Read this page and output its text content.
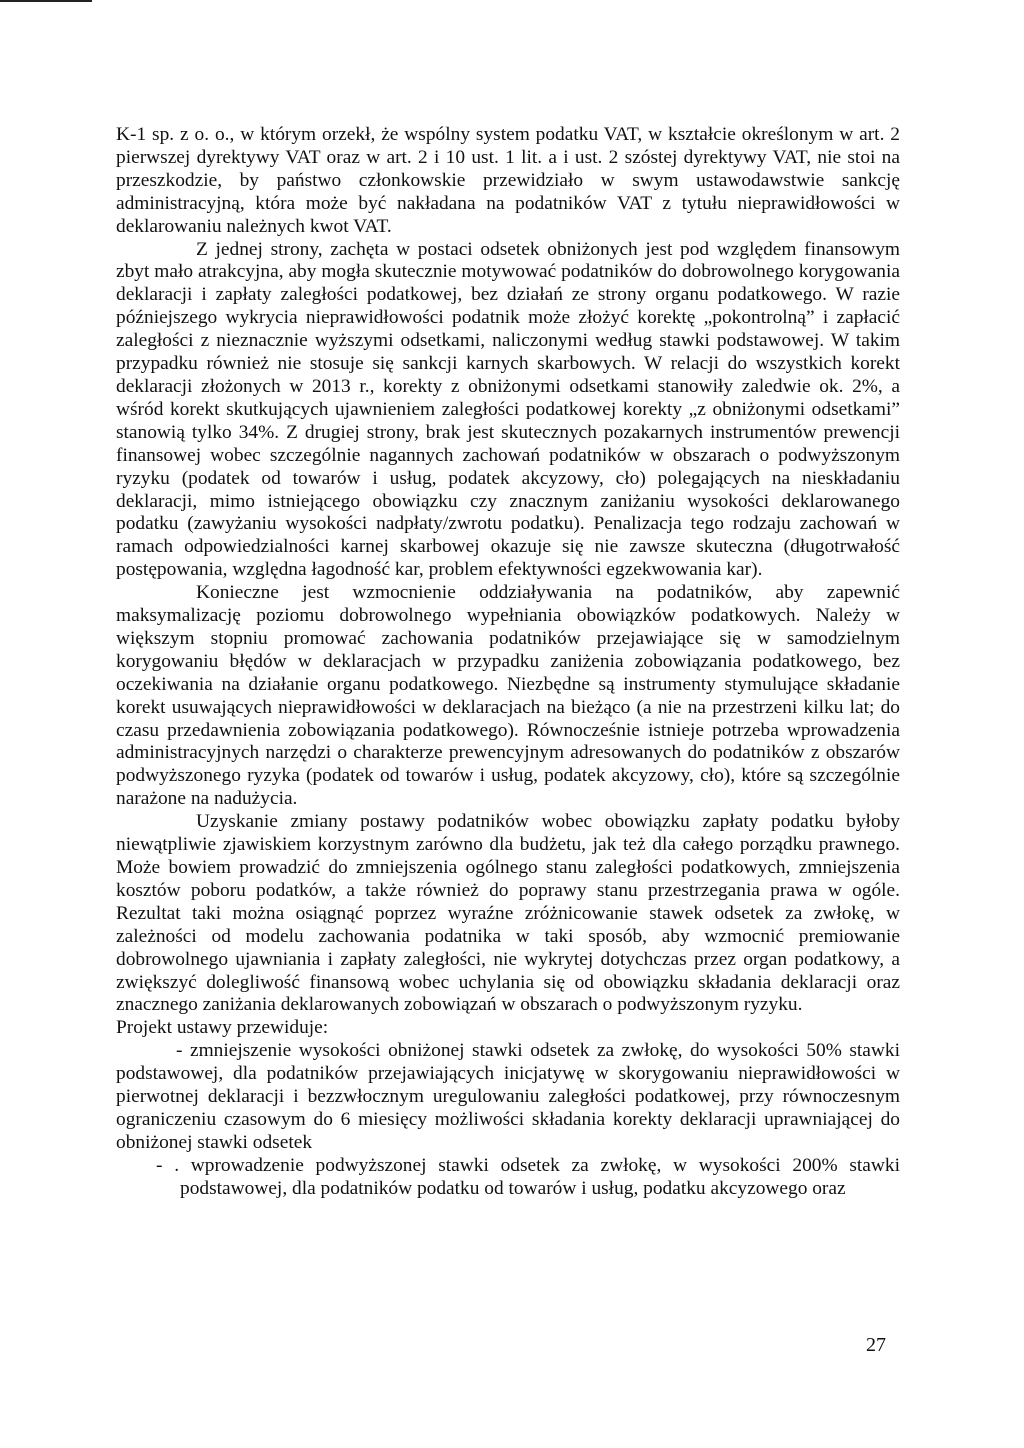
K-1 sp. z o. o., w którym orzekł, że wspólny system podatku VAT, w kształcie określonym w art. 2 pierwszej dyrektywy VAT oraz w art. 2 i 10 ust. 1 lit. a i ust. 2 szóstej dyrektywy VAT, nie stoi na przeszkodzie, by państwo członkowskie przewidziało w swym ustawodawstwie sankcję administracyjną, która może być nakładana na podatników VAT z tytułu nieprawidłowości w deklarowaniu należnych kwot VAT.

Z jednej strony, zachęta w postaci odsetek obniżonych jest pod względem finansowym zbyt mało atrakcyjna, aby mogła skutecznie motywować podatników do dobrowolnego korygowania deklaracji i zapłaty zaległości podatkowej, bez działań ze strony organu podatkowego. W razie późniejszego wykrycia nieprawidłowości podatnik może złożyć korektę „pokontrolną” i zapłacić zaległości z nieznacznie wyższymi odsetkami, naliczonymi według stawki podstawowej. W takim przypadku również nie stosuje się sankcji karnych skarbowych. W relacji do wszystkich korekt deklaracji złożonych w 2013 r., korekty z obniżonymi odsetkami stanowiły zaledwie ok. 2%, a wśród korekt skutkujących ujawnieniem zaległości podatkowej korekty „z obniżonymi odsetkami” stanowią tylko 34%. Z drugiej strony, brak jest skutecznych pozakarnych instrumentów prewencji finansowej wobec szczególnie nagannych zachowań podatników w obszarach o podwyższonym ryzyku (podatek od towarów i usług, podatek akcyzowy, cło) polegających na nieskładaniu deklaracji, mimo istniejącego obowiązku czy znacznym zaniżaniu wysokości deklarowanego podatku (zawyżaniu wysokości nadpłaty/zwrotu podatku). Penalizacja tego rodzaju zachowań w ramach odpowiedzialności karnej skarbowej okazuje się nie zawsze skuteczna (długotrwałość postępowania, względna łagodność kar, problem efektywności egzekwowania kar).

Konieczne jest wzmocnienie oddziaływania na podatników, aby zapewnić maksymalizację poziomu dobrowolnego wypełniania obowiązków podatkowych. Należy w większym stopniu promować zachowania podatników przejawiające się w samodzielnym korygowaniu błędów w deklaracjach w przypadku zaniżenia zobowiązania podatkowego, bez oczekiwania na działanie organu podatkowego. Niezbędne są instrumenty stymulujące składanie korekt usuwających nieprawidłowości w deklaracjach na bieżąco (a nie na przestrzeni kilku lat; do czasu przedawnienia zobowiązania podatkowego). Równocześnie istnieje potrzeba wprowadzenia administracyjnych narzędzi o charakterze prewencyjnym adresowanych do podatników z obszarów podwyższonego ryzyka (podatek od towarów i usług, podatek akcyzowy, cło), które są szczególnie narażone na nadużycia.

Uzyskanie zmiany postawy podatników wobec obowiązku zapłaty podatku byłoby niewątpliwie zjawiskiem korzystnym zarówno dla budżetu, jak też dla całego porządku prawnego. Może bowiem prowadzić do zmniejszenia ogólnego stanu zaległości podatkowych, zmniejszenia kosztów poboru podatków, a także również do poprawy stanu przestrzegania prawa w ogóle. Rezultat taki można osiągnąć poprzez wyraźne zróżnicowanie stawek odsetek za zwłokę, w zależności od modelu zachowania podatnika w taki sposób, aby wzmocnić premiowanie dobrowolnego ujawniania i zapłaty zaległości, nie wykrytej dotychczas przez organ podatkowy, a zwiększyć dolegliwość finansową wobec uchylania się od obowiązku składania deklaracji oraz znacznego zaniżania deklarowanych zobowiązań w obszarach o podwyższonym ryzyku.

Projekt ustawy przewiduje:

- zmniejszenie wysokości obniżonej stawki odsetek za zwłokę, do wysokości 50% stawki podstawowej, dla podatników przejawiających inicjatywę w skorygowaniu nieprawidłowości w pierwotnej deklaracji i bezzwłocznym uregulowaniu zaległości podatkowej, przy równoczesnym ograniczeniu czasowym do 6 miesięcy możliwości składania korekty deklaracji uprawniającej do obniżonej stawki odsetek
- . wprowadzenie podwyższonej stawki odsetek za zwłokę, w wysokości 200% stawki podstawowej, dla podatników podatku od towarów i usług, podatku akcyzowego oraz
27
